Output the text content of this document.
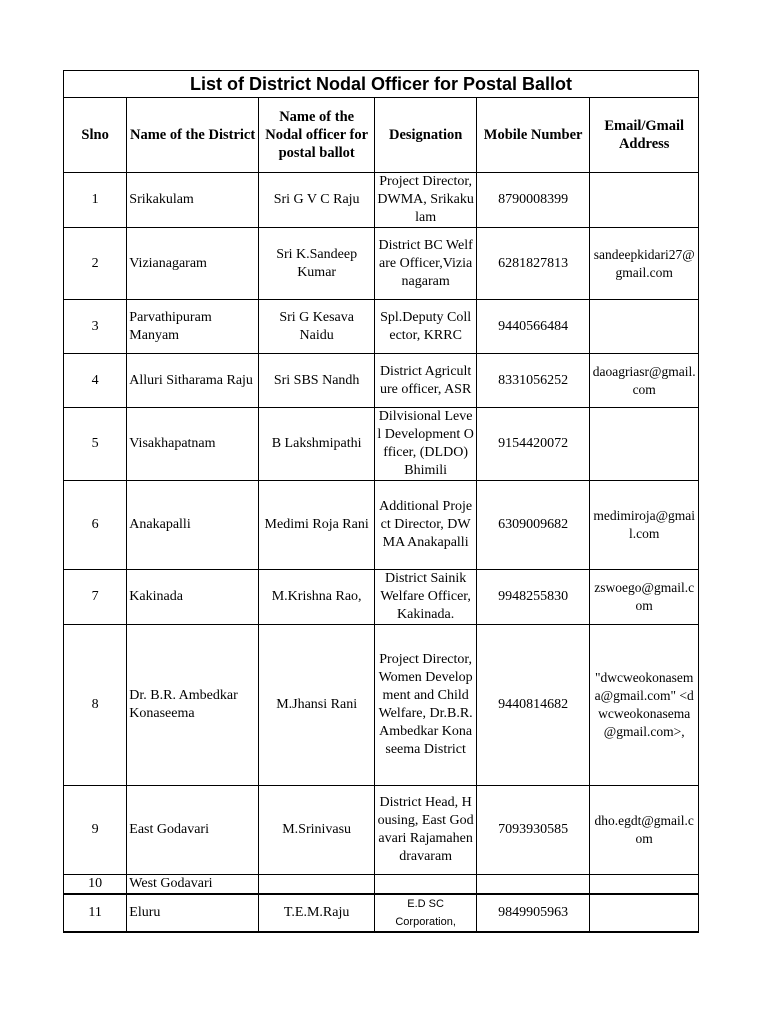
List of District Nodal Officer for Postal Ballot					
Slno	Name of the District	Name of the Nodal officer for postal ballot	Designation	Mobile Number	Email/Gmail Address
1	Srikakulam	Sri G V C Raju	Project Director, DWMA, Srikakulam	8790008399	
2	Vizianagaram	Sri K.Sandeep Kumar	District BC Welfare Officer,Vizianagaram	6281827813	sandeepkidari27@gmail.com
3	Parvathipuram Manyam	Sri G Kesava Naidu	Spl.Deputy Collector, KRRC	9440566484	
4	Alluri Sitharama Raju	Sri SBS Nandh	District Agriculture officer, ASR	8331056252	daoagriasr@gmail.com
5	Visakhapatnam	B Lakshmipathi	Dilvisional Level Development Officer, (DLDO) Bhimili	9154420072	
6	Anakapalli	Medimi Roja Rani	Additional Project Director, DWMA Anakapalli	6309009682	medimiroja@gmail.com
7	Kakinada	M.Krishna Rao,	District Sainik Welfare Officer, Kakinada.	9948255830	zswoego@gmail.com
8	Dr. B.R. Ambedkar Konaseema	M.Jhansi Rani	Project Director, Women Development and Child Welfare, Dr.B.R.Ambedkar Konaseema District	9440814682	"dwcweokonasema@gmail.com" <dwcweokonasema@gmail.com>,
9	East Godavari	M.Srinivasu	District Head, Housing, East Godavari Rajamahendravaram	7093930585	dho.egdt@gmail.com
10	West Godavari				
11	Eluru	T.E.M.Raju	E.D SC Corporation,	9849905963	
